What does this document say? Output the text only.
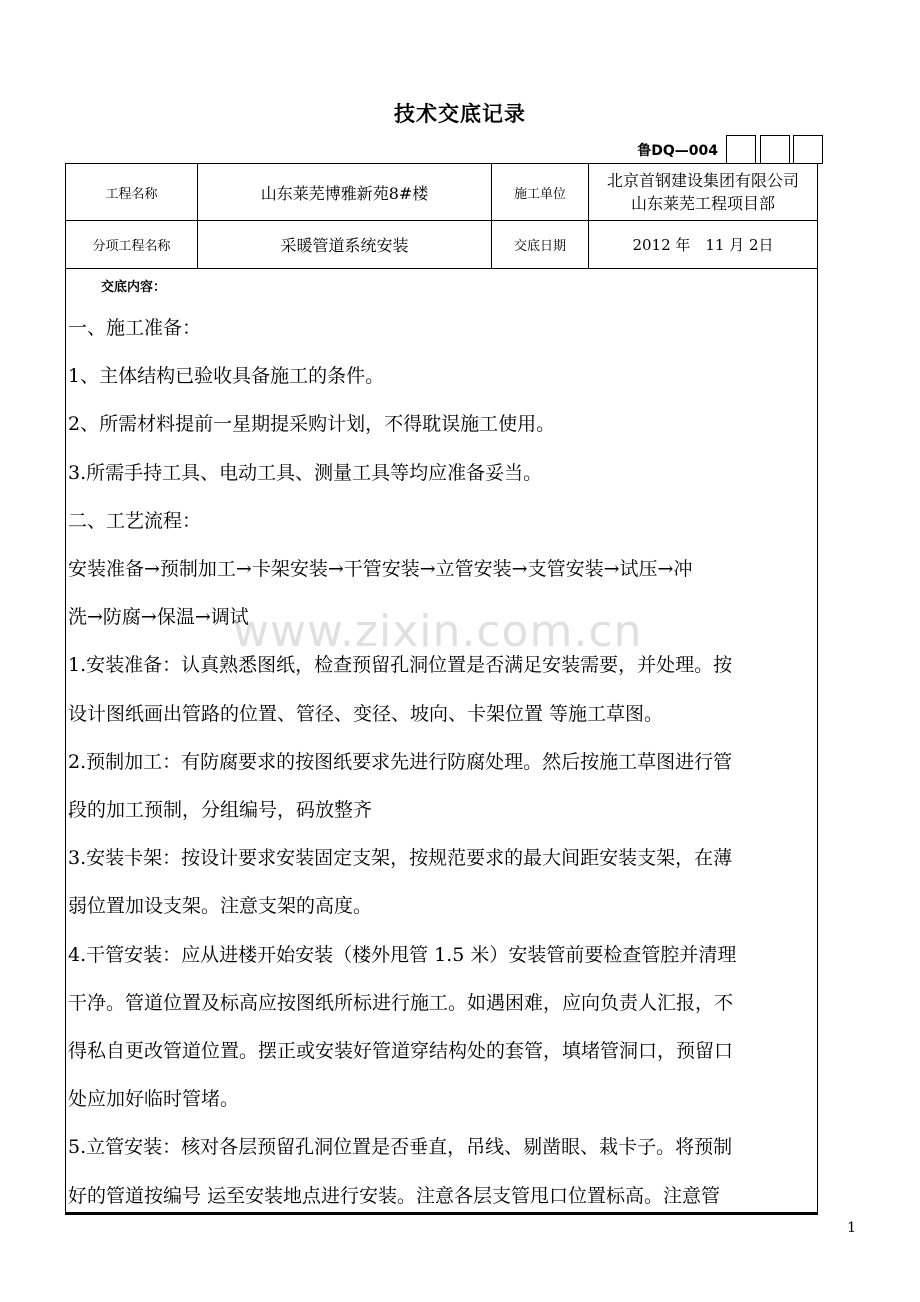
技术交底记录
鲁DQ—004
工程名称	山东莱芜博雅新苑8#楼	施工单位	北京首钢建设集团有限公司
山东莱芜工程项目部

分项工程名称	采暖管道系统安装	交底日期	2012 年　11 月 2日
交底内容：
一、施工准备：
1、主体结构已验收具备施工的条件。
2、所需材料提前一星期提采购计划，不得耽误施工使用。
3.所需手持工具、电动工具、测量工具等均应准备妥当。
二、工艺流程：
安装准备→预制加工→卡架安装→干管安装→立管安装→支管安装→试压→冲
洗→防腐→保温→调试
1.安装准备：认真熟悉图纸，检查预留孔洞位置是否满足安装需要，并处理。按
设计图纸画出管路的位置、管径、变径、坡向、卡架位置 等施工草图。
2.预制加工：有防腐要求的按图纸要求先进行防腐处理。然后按施工草图进行管
段的加工预制，分组编号，码放整齐
3.安装卡架：按设计要求安装固定支架，按规范要求的最大间距安装支架，在薄
弱位置加设支架。注意支架的高度。
4.干管安装：应从进楼开始安装（楼外甩管 1.5 米）安装管前要检查管腔并清理
干净。管道位置及标高应按图纸所标进行施工。如遇困难，应向负责人汇报，不
得私自更改管道位置。摆正或安装好管道穿结构处的套管，填堵管洞口，预留口
处应加好临时管堵。
5.立管安装：核对各层预留孔洞位置是否垂直，吊线、剔凿眼、栽卡子。将预制
好的管道按编号 运至安装地点进行安装。注意各层支管甩口位置标高。注意管
www.zixin.com.cn
1
